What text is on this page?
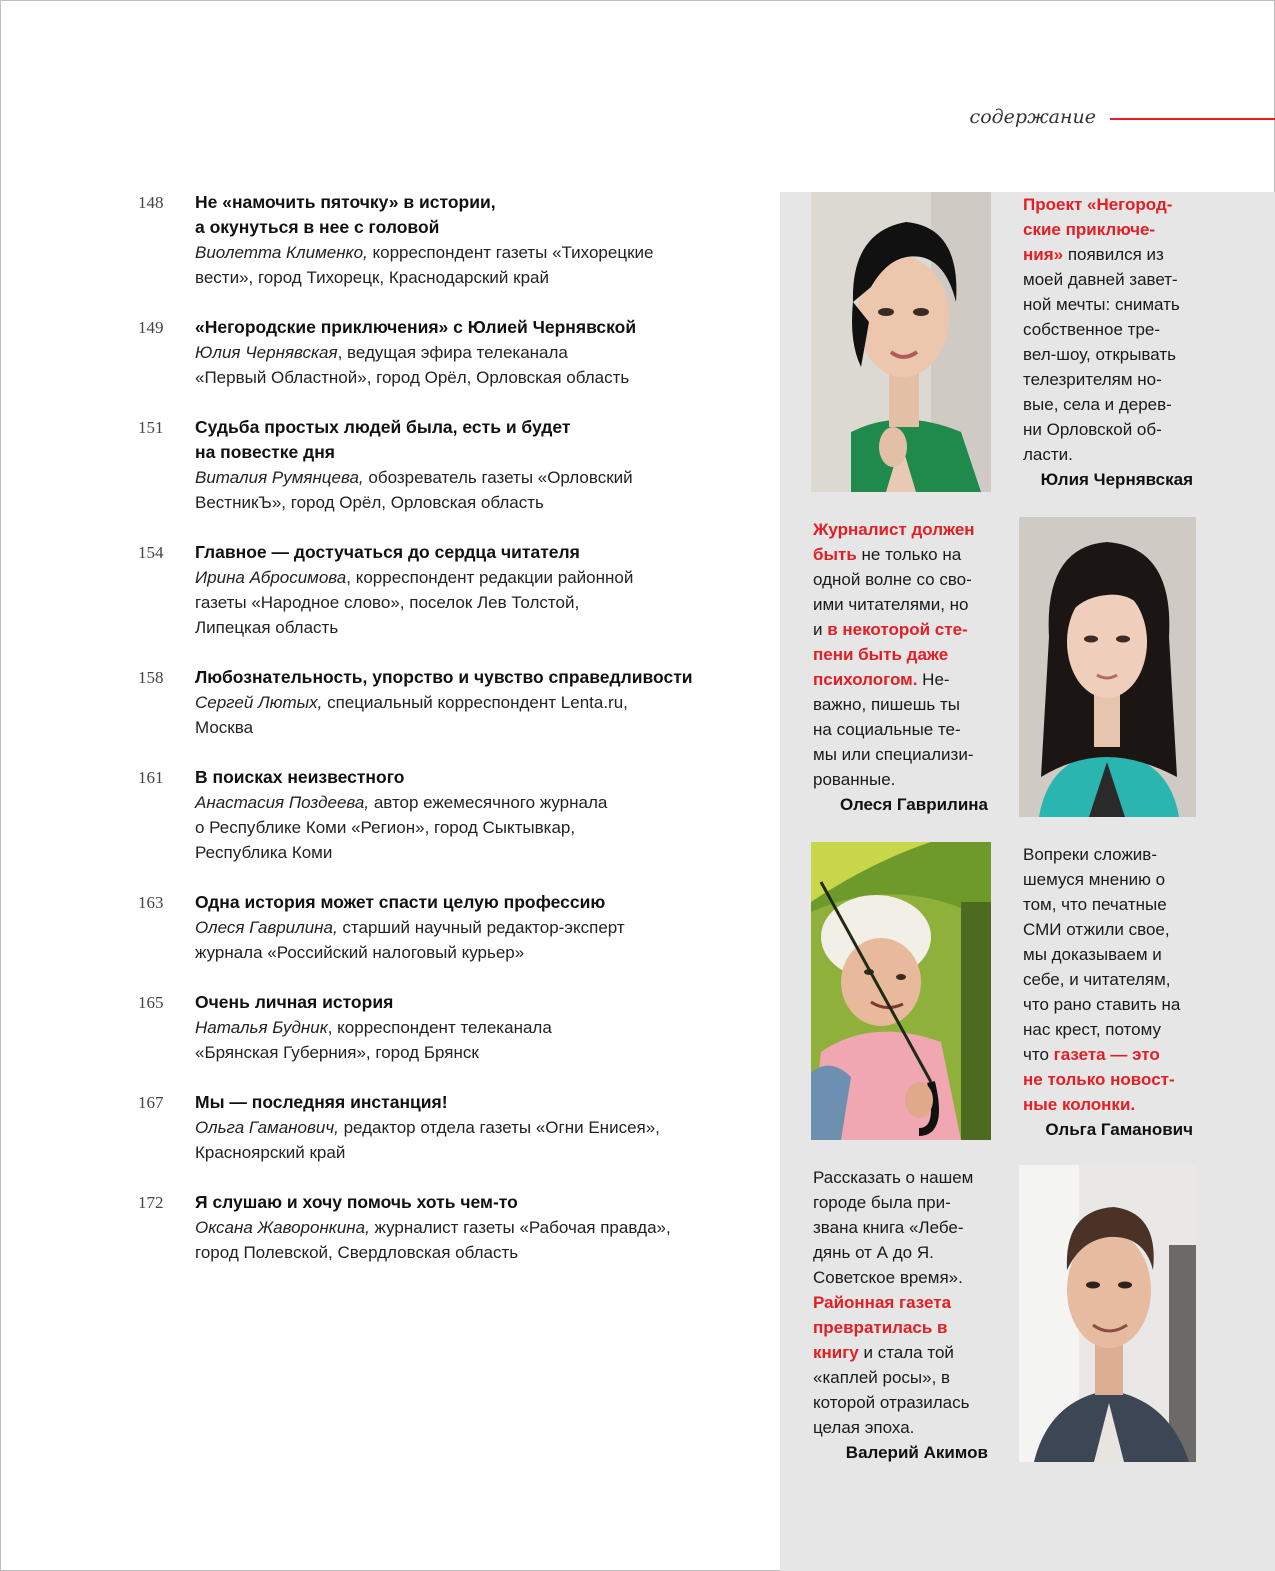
содержание
148	Не «намочить пяточку» в истории,
а окунуться в нее с головой
Виолетта Клименко, корреспондент газеты «Тихорецкие
вести», город Тихорецк, Краснодарский край
149	«Негородские приключения» с Юлией Чернявской
Юлия Чернявская, ведущая эфира телеканала
«Первый Областной», город Орёл, Орловская область
151	Судьба простых людей была, есть и будет
на повестке дня
Виталия Румянцева, обозреватель газеты «Орловский
ВестникЪ», город Орёл, Орловская область
154	Главное — достучаться до сердца читателя
Ирина Абросимова, корреспондент редакции районной
газеты «Народное слово», поселок Лев Толстой,
Липецкая область
158	Любознательность, упорство и чувство справедливости
Сергей Лютых, специальный корреспондент Lenta.ru,
Москва
161	В поисках неизвестного
Анастасия Поздеева, автор ежемесячного журнала
о Республике Коми «Регион», город Сыктывкар,
Республика Коми
163	Одна история может спасти целую профессию
Олеся Гаврилина, старший научный редактор-эксперт
журнала «Российский налоговый курьер»
165	Очень личная история
Наталья Будник, корреспондент телеканала
«Брянская Губерния», город Брянск
167	Мы — последняя инстанция!
Ольга Гаманович, редактор отдела газеты «Огни Енисея»,
Красноярский край
172	Я слушаю и хочу помочь хоть чем-то
Оксана Жаворонкина, журналист газеты «Рабочая правда»,
город Полевской, Свердловская область
Проект «Негород-
ские приключе-
ния» появился из
моей давней завет-
ной мечты: снимать
собственное тре-
вел-шоу, открывать
телезрителям но-
вые, села и дерев-
ни Орловской об-
ласти.
Юлия Чернявская
Журналист должен
быть не только на
одной волне со сво-
ими читателями, но
и в некоторой сте-
пени быть даже
психологом. Не-
важно, пишешь ты
на социальные те-
мы или специализи-
рованные.
Олеся Гаврилина
Вопреки сложив-
шемуся мнению о
том, что печатные
СМИ отжили свое,
мы доказываем и
себе, и читателям,
что рано ставить на
нас крест, потому
что газета — это
не только новост-
ные колонки.
Ольга Гаманович
Рассказать о нашем
городе была при-
звана книга «Лебе-
дянь от А до Я.
Советское время».
Районная газета
превратилась в
книгу и стала той
«каплей росы», в
которой отразилась
целая эпоха.
Валерий Акимов
